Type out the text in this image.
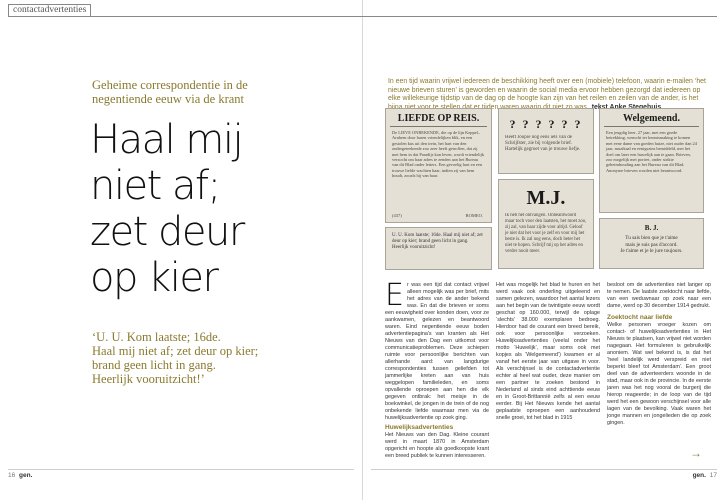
contactadvertenties
Geheime correspondentie in de negentiende eeuw via de krant
Haal mij
niet af;
zet deur
op kier
‘U. U. Kom laatste; 16de.
Haal mij niet af; zet deur op kier;
brand geen licht in gang.
Heerlijk vooruitzicht!’
In een tijd waarin vrijwel iedereen de beschikking heeft over een (mobiele) telefoon, waarin e-mailen ‘het nieuwe brieven sturen’ is geworden en waarin de social media ervoor hebben gezorgd dat iedereen op elke willekeurige tijdstip van de dag op de hoogte kan zijn van het reilen en zeilen van de ander, is het
LIEFDE OP REIS.
De LIEVE ONBEKENDE, die op de lijn Keppel–Arnhem door haren vriendelijken blik, en een gestolen kus uit den trein, het hart van den ondergeteekende zoo zeer heeft getroffen, dat zij met hem in dat Paradijs kan leven, wordt vriendelijk verzocht om haar adres te zenden aan het Bureau van dit Blad onder letters. Een gevoelig hart en een trouwe liefde wachten haar, indien zij van hem houdt, zooals hij van haar.
(437)	ROMEO.
U. U. Kom laatste; 16de. Haal mij niet af; zet deur op kier; brand geen licht in gang. Heerlijk vooruitzicht!
? ? ? ? ? ?
Heeft Joopie nog eens iets van de Schrijfster, zie bij volgende brief. Hartelijk gegroet van je trouwe liefje.
M.J.
Ik heb het ontvangen. Onbeantwoord maar toch voor den laatsten, het moet zoo, zij zal, van haar zijde voor altijd. Geloof je niet dat het voor je zelf en voor mij het beste is. Ik zal nog eens, doch beter het niet te hopen. Schrijf mij op het adres en verder nooit meer.
Welgemeend.
Een jeugdig heer, 27 jaar, met een goede betrekking, wenscht ter kennismaking te komen met eene dame van goeden huize, niet ouder dan 24 jaar, muzikaal en eenigszins bemiddeld, met het doel om later een huwelijk aan te gaan. Brieven, zoo mogelijk met portret, onder strikte geheimhouding aan het Bureau van dit Blad. Anonyme brieven worden niet beantwoord.
B. J.
Tu sais bien que je t'aime
mais je suis pas d'accord.
Je t'aime et je le jure toujours.
E r was een tijd dat contact vrijwel alleen mogelijk was per brief, mits het adres van de ander bekend was. En dat die brieven er soms een eeuwigheid over konden doen, voor ze aankwamen, gelezen en beantwoord waren. Eind negentiende eeuw boden advertentiepagina's van kranten als Het Nieuws van den Dag een uitkomst voor communicatieproblemen. Deze schiepen ruimte voor persoonlijke berichten van allerhande aard: van langdurige correspondenties tussen geliefden tot jammerlijke kreten aan van huis weggelopen familieleden, en soms opvallende oproepen aan hen die elk gegeven ontbrak: het meisje in de boekwinkel, de jongen in de trein of de nog onbekende liefde waarnaar men via de huwelijksadvertentie op zoek ging.
Huwelijksadvertenties
Het Nieuws van den Dag. Kleine courant werd in maart 1870 in Amsterdam opgericht en hoopte als goedkoopste krant een breed publiek te kunnen interesseren.
Het was mogelijk het blad te huren en het werd vaak ook onderling uitgeleend en samen gelezen, waardoor het aantal lezers aan het begin van de twintigste eeuw wordt geschat op 160.000, terwijl de oplage ‘slechts’ 38.000 exemplaren bedroeg. Hierdoor had de courant een breed bereik, ook voor persoonlijke verzoeken. Huwelijksadvertenties (veelal onder het motto ‘Huwelijk’, maar soms ook met kopjes als ‘Welgemeend’) kwamen er al vanaf het eerste jaar van uitgave in voor. Als verschijnsel is de contactadvertentie echter al heel wat ouder, deze manier om een partner te zoeken bestond in Nederland al sinds eind achttiende eeuw en in Groot-Brittannië zelfs al een eeuw eerder. Bij Het Nieuws kende het aantal geplaatste oproepen een aanhoudend snelle groei, tot het blad in 1915
besloot om de advertenties niet langer op te nemen. De laatste zoektocht naar liefde, van een weduwnaar op zoek naar een dame, werd op 30 december 1914 gedrukt.
Zoektocht naar liefde
Welke personen vroeger kozen om contact- of huwelijksadvertenties in Het Nieuws te plaatsen, kan vrijwel niet worden nagegaan. Het formuleren is gebruikelijk anoniem. Wat wel bekend is, is dat het ‘heel landelijk werd verspreid en niet beperkt bleef tot Amsterdam’. Een groot deel van de adverteerders woonde in de stad, maar ook in de provincie. In de eerste jaren was het nog vooral de burgerij die hierop reageerde; in de loop van de tijd werd het een gewoon verschijnsel voor alle lagen van de bevolking. Vaak waren het jonge mannen en jongelieden die op zoek gingen.
→
16 gen.	gen. 17
